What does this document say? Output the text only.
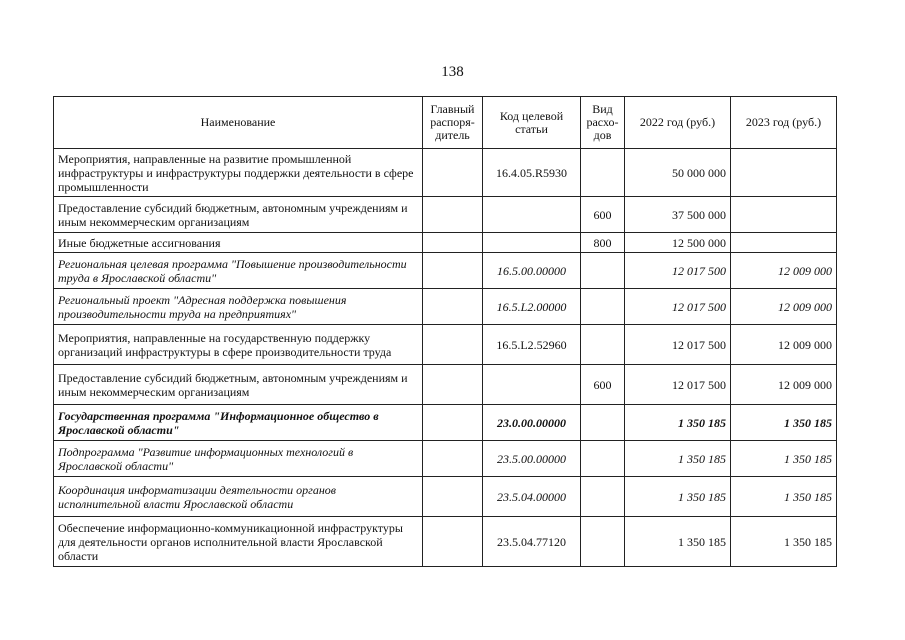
138
Наименование	Главный распоря-дитель	Код целевой статьи	Вид расхо-дов	2022 год (руб.)	2023 год (руб.)
Мероприятия, направленные на развитие промышленной инфраструктуры и инфраструктуры поддержки деятельности в сфере промышленности		16.4.05.R5930		50 000 000	
Предоставление субсидий бюджетным, автономным учреждениям и иным некоммерческим организациям			600	37 500 000	
Иные бюджетные ассигнования			800	12 500 000	
Региональная целевая программа "Повышение производительности труда в Ярославской области"		16.5.00.00000		12 017 500	12 009 000
Региональный проект "Адресная поддержка повышения производительности труда на предприятиях"		16.5.L2.00000		12 017 500	12 009 000
Мероприятия, направленные на государственную поддержку организаций инфраструктуры в сфере производительности труда		16.5.L2.52960		12 017 500	12 009 000
Предоставление субсидий бюджетным, автономным учреждениям и иным некоммерческим организациям			600	12 017 500	12 009 000
Государственная программа "Информационное общество в Ярославской области"		23.0.00.00000		1 350 185	1 350 185
Подпрограмма "Развитие информационных технологий в Ярославской области"		23.5.00.00000		1 350 185	1 350 185
Координация информатизации деятельности органов исполнительной власти Ярославской области		23.5.04.00000		1 350 185	1 350 185
Обеспечение информационно-коммуникационной инфраструктуры для деятельности органов исполнительной власти Ярославской области		23.5.04.77120		1 350 185	1 350 185
